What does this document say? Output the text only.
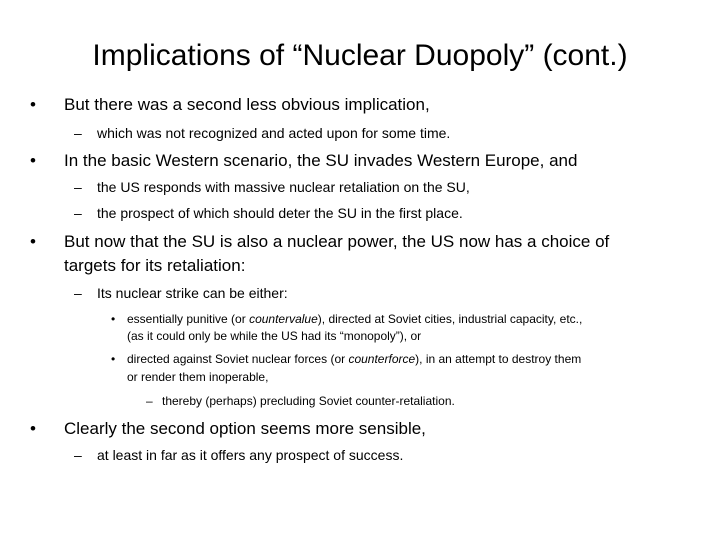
Implications of “Nuclear Duopoly” (cont.)
• But there was a second less obvious implication,
– which was not recognized and acted upon for some time.
• In the basic Western scenario, the SU invades Western Europe, and
– the US responds with massive nuclear retaliation on the SU,
– the prospect of which should deter the SU in the first place.
• But now that the SU is also a nuclear power, the US now has a choice of
targets for its retaliation:
– Its nuclear strike can be either:
• essentially punitive (or countervalue), directed at Soviet cities, industrial capacity, etc.,
(as it could only be while the US had its “monopoly”), or
• directed against Soviet nuclear forces (or counterforce), in an attempt to destroy them
or render them inoperable,
– thereby (perhaps) precluding Soviet counter-retaliation.
• Clearly the second option seems more sensible,
– at least in far as it offers any prospect of success.
